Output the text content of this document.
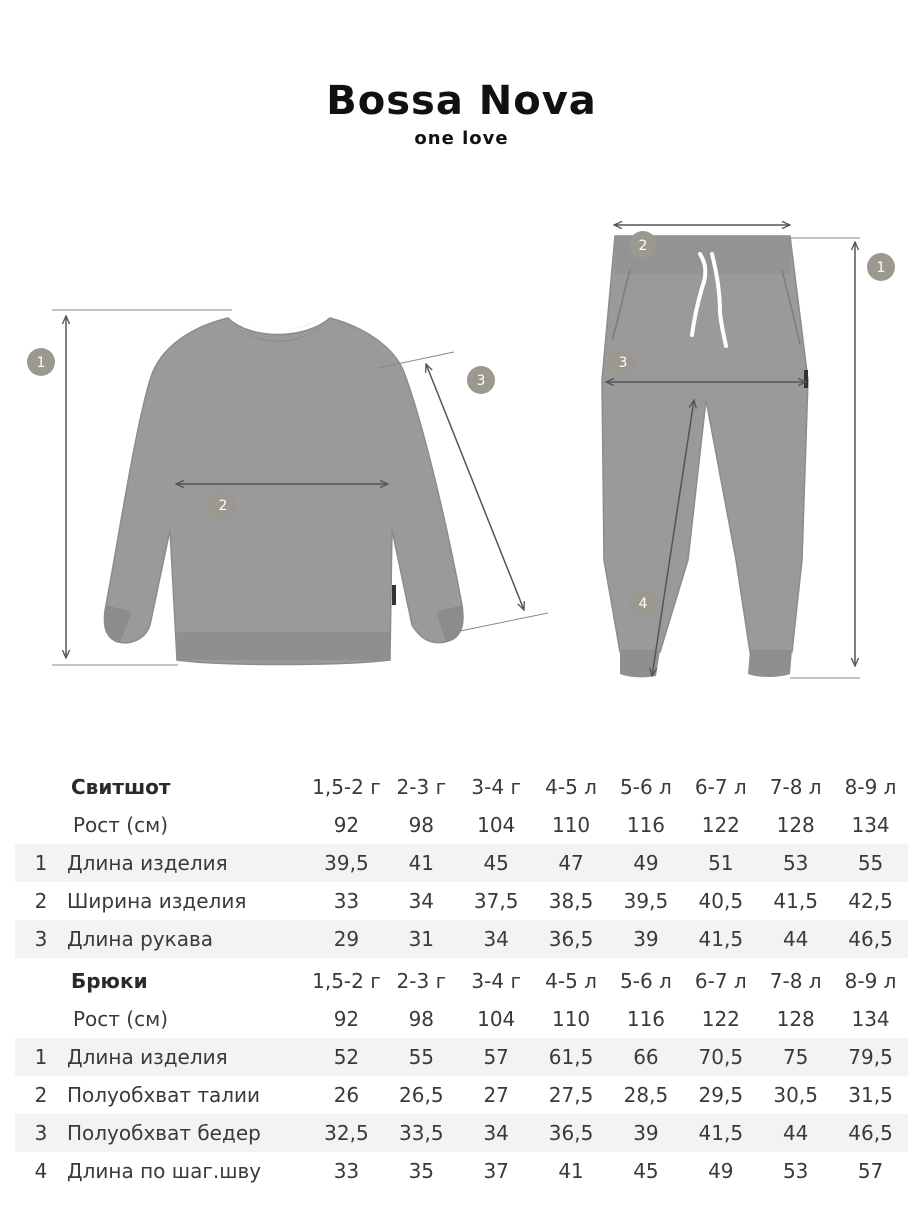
Bossa Nova
one love
1
2
3
1
2
3
4
	Свитшот	1,5-2 г	2-3 г	3-4 г	4-5 л	5-6 л	6-7 л	7-8 л	8-9 л
	Рост (см)	92	98	104	110	116	122	128	134
1	Длина изделия	39,5	41	45	47	49	51	53	55
2	Ширина изделия	33	34	37,5	38,5	39,5	40,5	41,5	42,5
3	Длина рукава	29	31	34	36,5	39	41,5	44	46,5

	Брюки	1,5-2 г	2-3 г	3-4 г	4-5 л	5-6 л	6-7 л	7-8 л	8-9 л
	Рост (см)	92	98	104	110	116	122	128	134
1	Длина изделия	52	55	57	61,5	66	70,5	75	79,5
2	Полуобхват талии	26	26,5	27	27,5	28,5	29,5	30,5	31,5
3	Полуобхват бедер	32,5	33,5	34	36,5	39	41,5	44	46,5
4	Длина по шаг.шву	33	35	37	41	45	49	53	57
